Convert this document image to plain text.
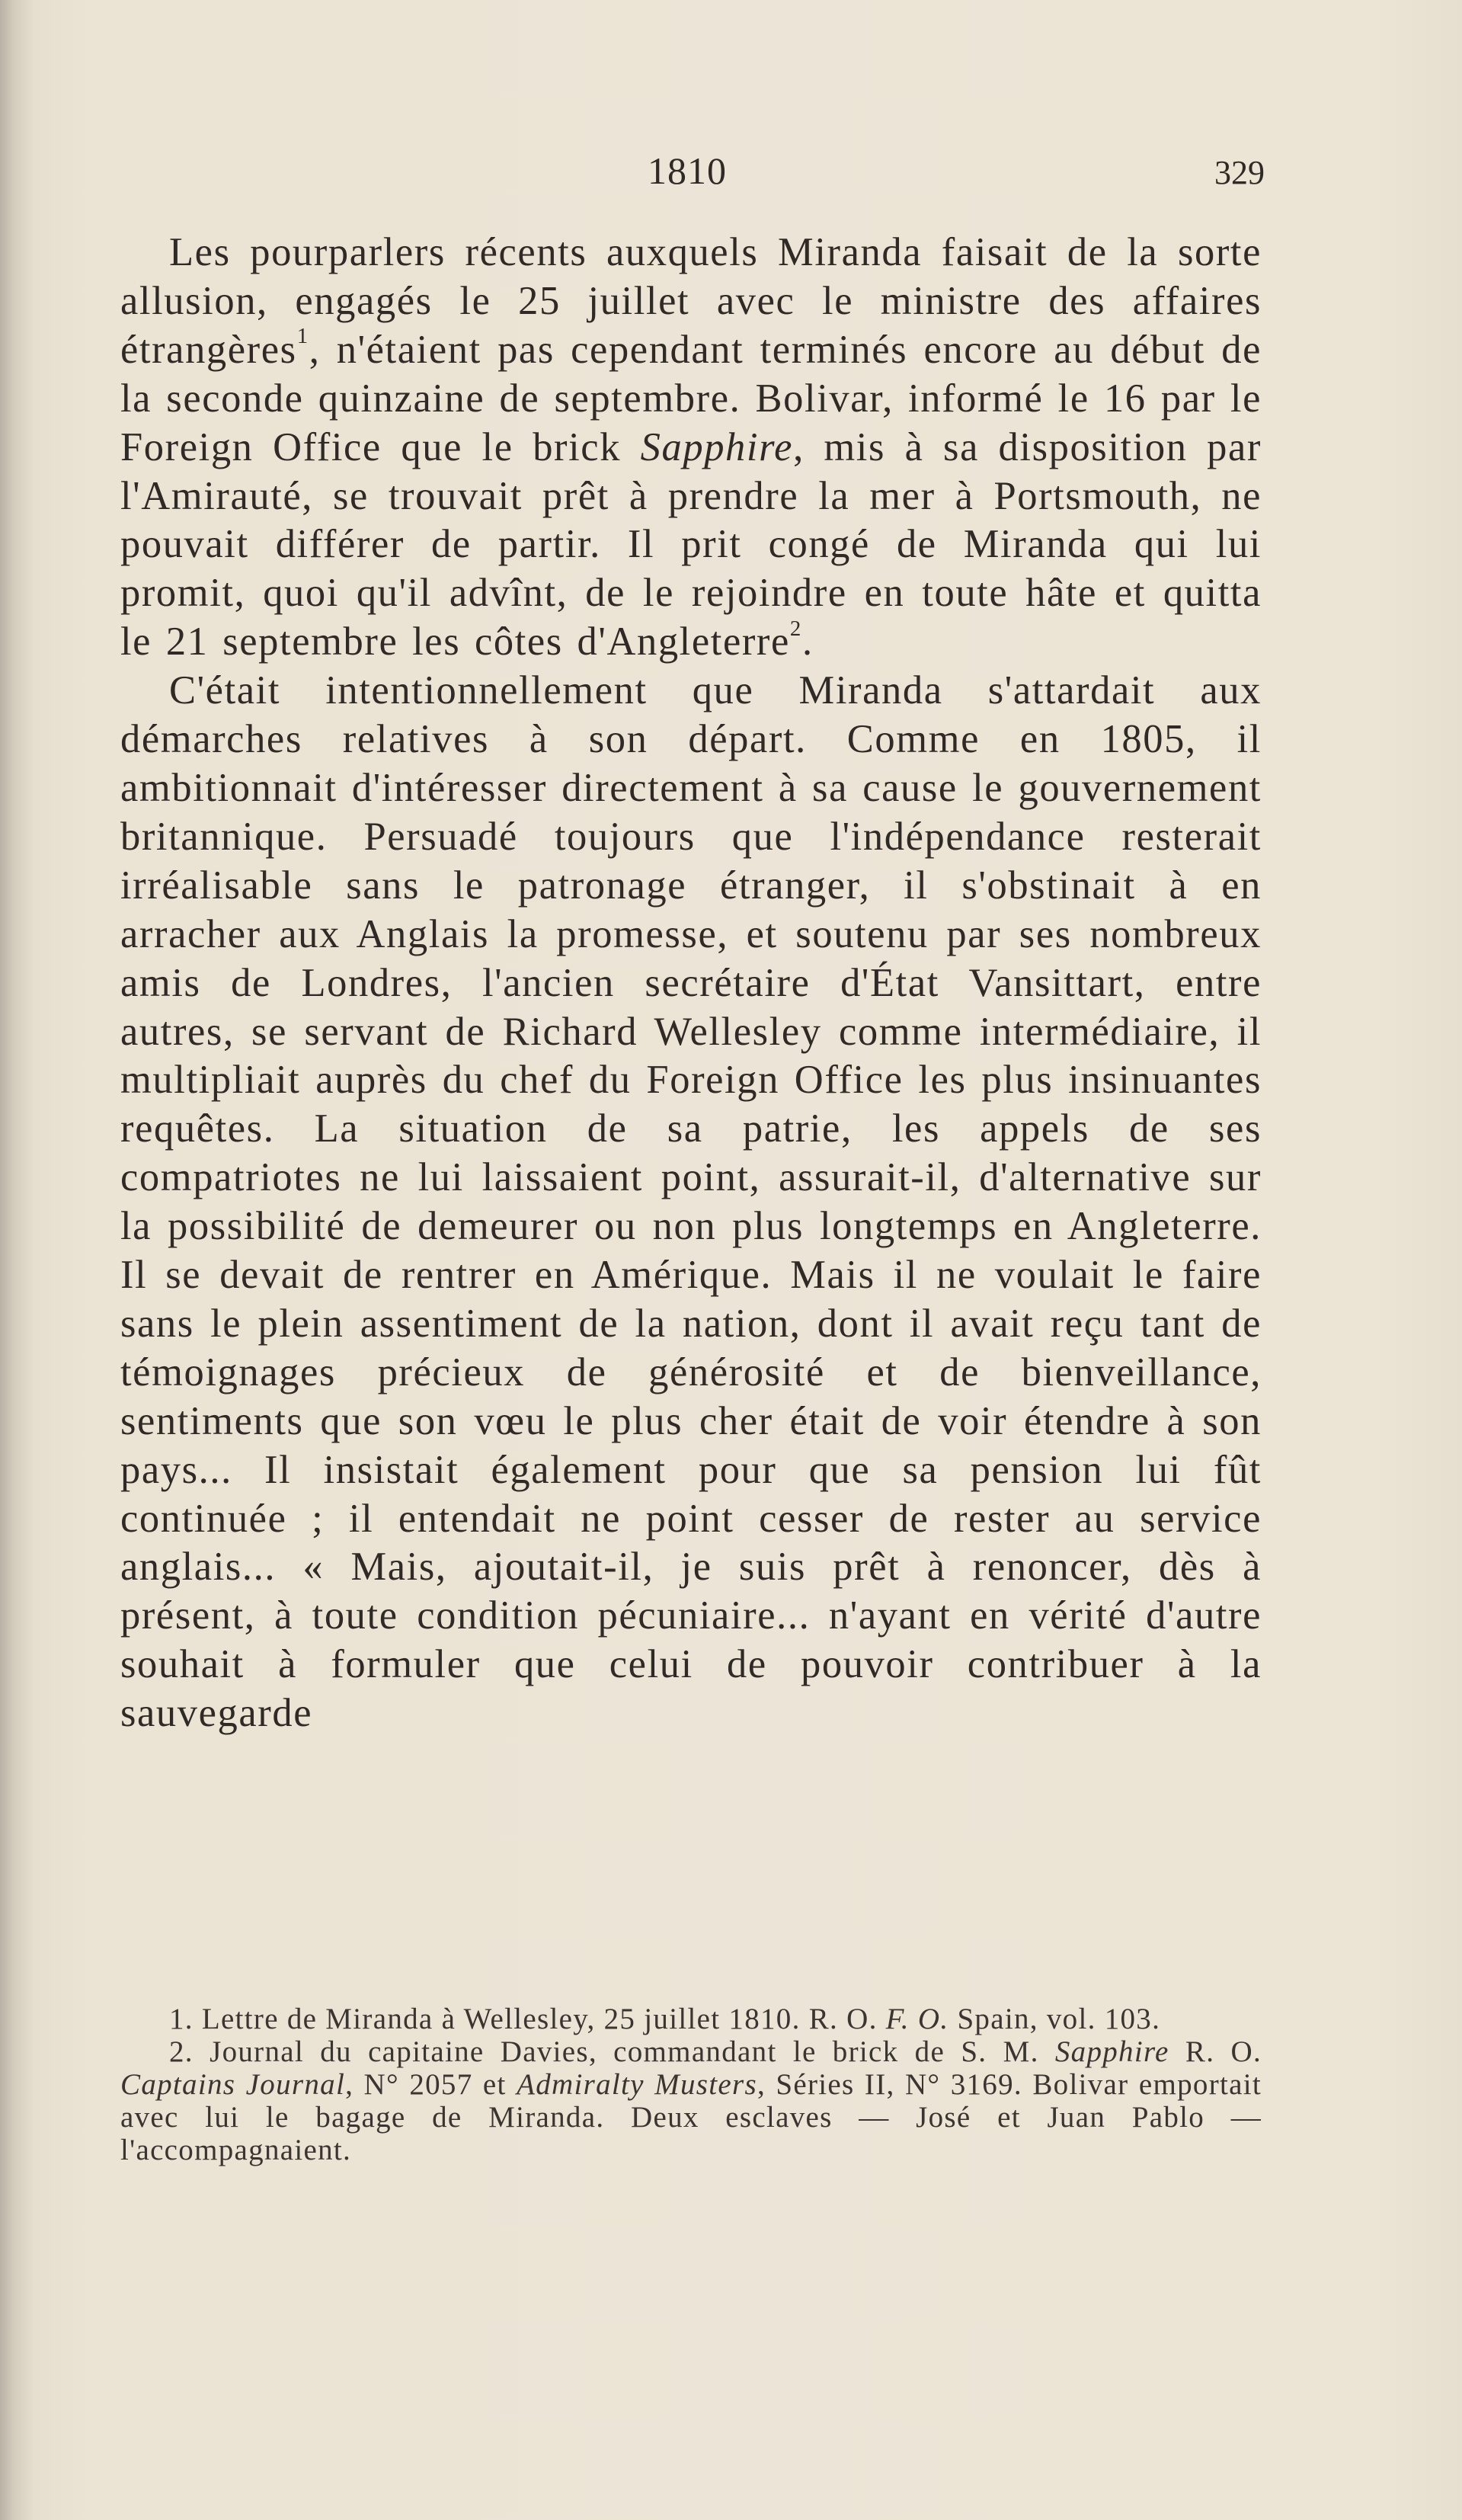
1810	329

Les pourparlers récents auxquels Miranda faisait de la sorte allusion, engagés le 25 juillet avec le ministre des affaires étrangères$^1$, n'étaient pas cependant terminés encore au début de la seconde quinzaine de septembre. Bolivar, informé le 16 par le Foreign Office que le brick Sapphire, mis à sa disposition par l'Amirauté, se trouvait prêt à prendre la mer à Portsmouth, ne pouvait différer de partir. Il prit congé de Miranda qui lui promit, quoi qu'il advînt, de le rejoindre en toute hâte et quitta le 21 septembre les côtes d'Angleterre$^2$.

C'était intentionnellement que Miranda s'attardait aux démarches relatives à son départ. Comme en 1805, il ambitionnait d'intéresser directement à sa cause le gouvernement britannique. Persuadé toujours que l'indépendance resterait irréalisable sans le patronage étranger, il s'obstinait à en arracher aux Anglais la promesse, et soutenu par ses nombreux amis de Londres, l'ancien secrétaire d'État Vansittart, entre autres, se servant de Richard Wellesley comme intermédiaire, il multipliait auprès du chef du Foreign Office les plus insinuantes requêtes. La situation de sa patrie, les appels de ses compatriotes ne lui laissaient point, assurait-il, d'alternative sur la possibilité de demeurer ou non plus longtemps en Angleterre. Il se devait de rentrer en Amérique. Mais il ne voulait le faire sans le plein assentiment de la nation, dont il avait reçu tant de témoignages précieux de générosité et de bienveillance, sentiments que son vœu le plus cher était de voir étendre à son pays... Il insistait également pour que sa pension lui fût continuée ; il entendait ne point cesser de rester au service anglais... « Mais, ajoutait-il, je suis prêt à renoncer, dès à présent, à toute condition pécuniaire... n'ayant en vérité d'autre souhait à formuler que celui de pouvoir contribuer à la sauvegarde

1. Lettre de Miranda à Wellesley, 25 juillet 1810. R. O. F. O. Spain, vol. 103.

2. Journal du capitaine Davies, commandant le brick de S. M. Sapphire R. O. Captains Journal, N° 2057 et Admiralty Musters, Séries II, N° 3169. Bolivar emportait avec lui le bagage de Miranda. Deux esclaves — José et Juan Pablo — l'accompagnaient.
